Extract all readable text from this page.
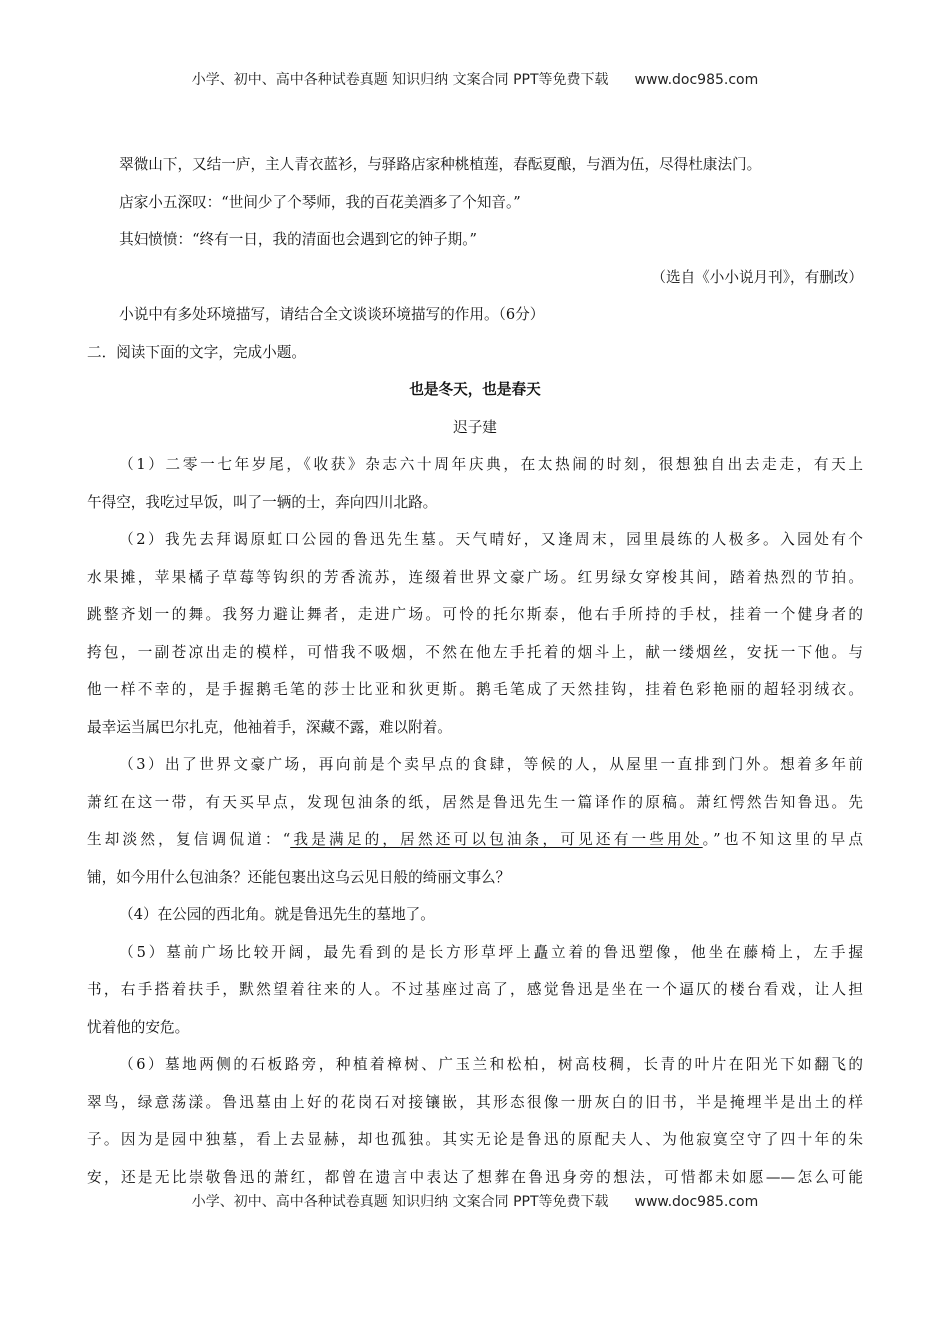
小学、初中、高中各种试卷真题 知识归纳 文案合同 PPT等免费下载 www.doc985.com

翠微山下，又结一庐，主人青衣蓝衫，与驿路店家种桃植莲，春酝夏酿，与酒为伍，尽得杜康法门。

店家小五深叹：“世间少了个琴师，我的百花美酒多了个知音。”

其妇愤愤：“终有一日，我的清面也会遇到它的钟子期。”

（选自《小小说月刊》，有删改）

小说中有多处环境描写，请结合全文谈谈环境描写的作用。（6分）

二．阅读下面的文字，完成小题。

也是冬天，也是春天

迟子建

（1）二零一七年岁尾，《收获》杂志六十周年庆典，在太热闹的时刻，很想独自出去走走，有天上

午得空，我吃过早饭，叫了一辆的士，奔向四川北路。

（2）我先去拜谒原虹口公园的鲁迅先生墓。天气晴好，又逢周末，园里晨练的人极多。入园处有个

水果摊，苹果橘子草莓等钩织的芳香流苏，连缀着世界文豪广场。红男绿女穿梭其间，踏着热烈的节拍。

跳整齐划一的舞。我努力避让舞者，走进广场。可怜的托尔斯泰，他右手所持的手杖，挂着一个健身者的

挎包，一副苍凉出走的模样，可惜我不吸烟，不然在他左手托着的烟斗上，献一缕烟丝，安抚一下他。与

他一样不幸的，是手握鹅毛笔的莎士比亚和狄更斯。鹅毛笔成了天然挂钩，挂着色彩艳丽的超轻羽绒衣。

最幸运当属巴尔扎克，他袖着手，深藏不露，难以附着。

（3）出了世界文豪广场，再向前是个卖早点的食肆，等候的人，从屋里一直排到门外。想着多年前

萧红在这一带，有天买早点，发现包油条的纸，居然是鲁迅先生一篇译作的原稿。萧红愕然告知鲁迅。先

生却淡然，复信调侃道：“我是满足的，居然还可以包油条，可见还有一些用处。”也不知这里的早点

铺，如今用什么包油条？还能包裹出这乌云见日般的绮丽文事么？

（4）在公园的西北角。就是鲁迅先生的墓地了。

（5）墓前广场比较开阔，最先看到的是长方形草坪上矗立着的鲁迅塑像，他坐在藤椅上，左手握

书，右手搭着扶手，默然望着往来的人。不过基座过高了，感觉鲁迅是坐在一个逼仄的楼台看戏，让人担

忧着他的安危。

（6）墓地两侧的石板路旁，种植着樟树、广玉兰和松柏，树高枝稠，长青的叶片在阳光下如翻飞的

翠鸟，绿意荡漾。鲁迅墓由上好的花岗石对接镶嵌，其形态很像一册灰白的旧书，半是掩埋半是出土的样

子。因为是园中独墓，看上去显赫，却也孤独。其实无论是鲁迅的原配夫人、为他寂寞空守了四十年的朱

安，还是无比崇敬鲁迅的萧红，都曾在遗言中表达了想葬在鲁迅身旁的想法，可惜都未如愿——怎么可能

小学、初中、高中各种试卷真题 知识归纳 文案合同 PPT等免费下载 www.doc985.com
